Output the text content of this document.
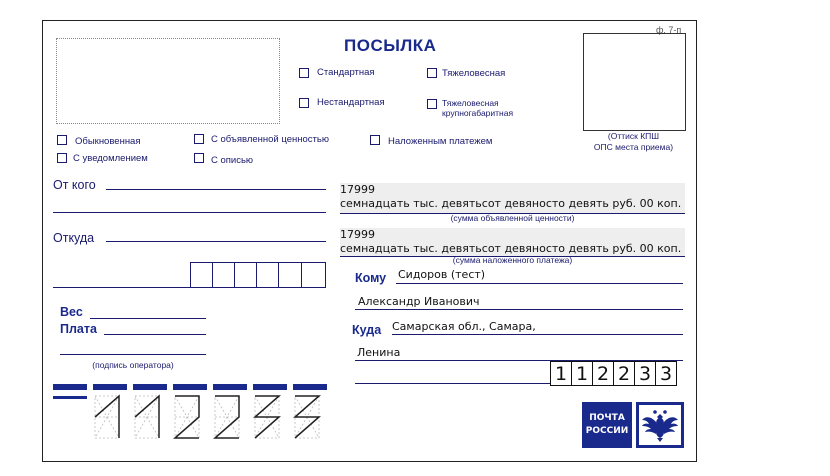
ф. 7-п
ПОСЫЛКА
(Оттиск КПШ
ОПС места приема)
Стандартная	Тяжеловесная
Нестандартная	Тяжеловесная крупногабаритная
Обыкновенная	С объявленной ценностью	Наложенным платежем
С уведомлением	С описью
От кого
Откуда
17999
семнадцать тыс. девятьсот девяносто девять руб. 00 коп.
(сумма объявленной ценности)
17999
семнадцать тыс. девятьсот девяносто девять руб. 00 коп.
(сумма наложенного платежа)
Кому Сидоров (тест)
Александр Иванович
Куда Самарская обл., Самара,
Ленина
1 1 2 2 3 3
Вес
Плата
(подпись оператора)
ПОЧТА
РОССИИ
